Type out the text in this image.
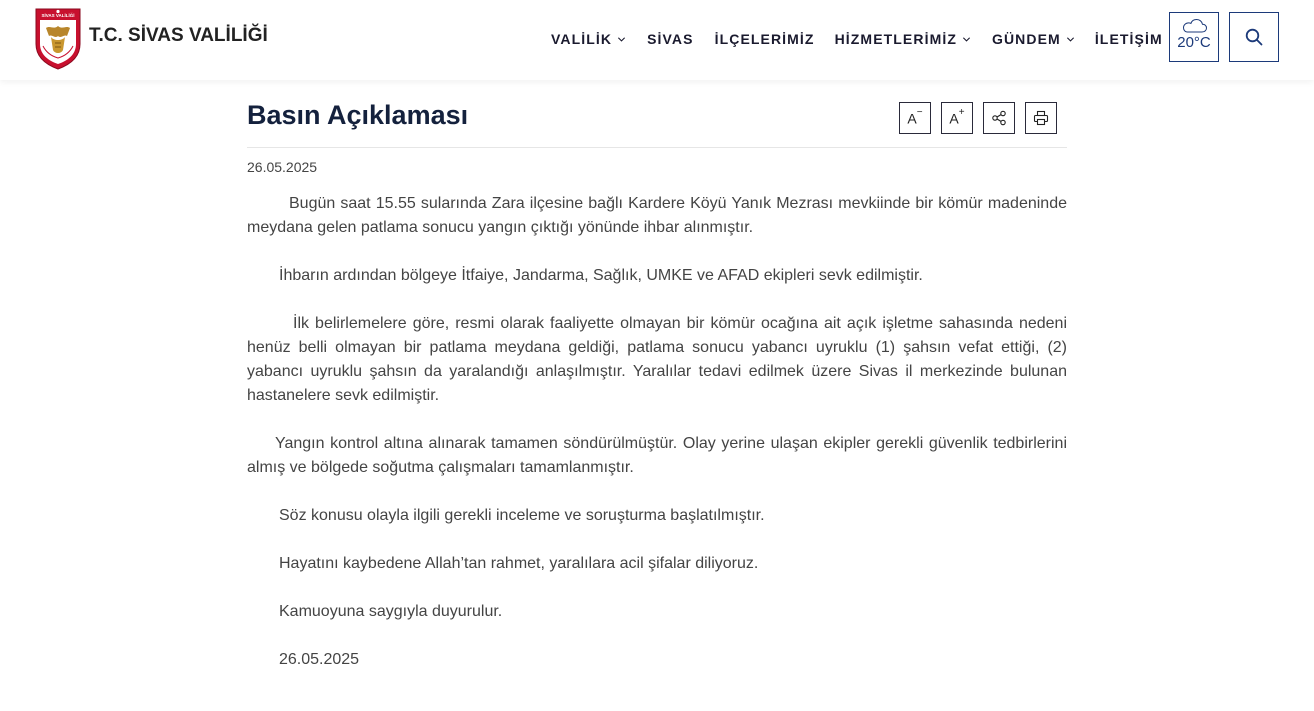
SİVAS VALİLİĞİ
T.C. SİVAS VALİLİĞİ	VALİLİK	SİVAS İLÇELERİMİZ HİZMETLERİMİZ	GÜNDEM İLETİŞİM 20°C
Basın Açıklaması	A− A+
26.05.2025

Bugün saat 15.55 sularında Zara ilçesine bağlı Kardere Köyü Yanık Mezrası mevkiinde bir kömür madeninde meydana gelen patlama sonucu yangın çıktığı yönünde ihbar alınmıştır.

İhbarın ardından bölgeye İtfaiye, Jandarma, Sağlık, UMKE ve AFAD ekipleri sevk edilmiştir.

İlk belirlemelere göre, resmi olarak faaliyette olmayan bir kömür ocağına ait açık işletme sahasında nedeni henüz belli olmayan bir patlama meydana geldiği, patlama sonucu yabancı uyruklu (1) şahsın vefat ettiği, (2) yabancı uyruklu şahsın da yaralandığı anlaşılmıştır. Yaralılar tedavi edilmek üzere Sivas il merkezinde bulunan hastanelere sevk edilmiştir.

Yangın kontrol altına alınarak tamamen söndürülmüştür. Olay yerine ulaşan ekipler gerekli güvenlik tedbirlerini almış ve bölgede soğutma çalışmaları tamamlanmıştır.

Söz konusu olayla ilgili gerekli inceleme ve soruşturma başlatılmıştır.

Hayatını kaybedene Allah’tan rahmet, yaralılara acil şifalar diliyoruz.

Kamuoyuna saygıyla duyurulur.

26.05.2025
